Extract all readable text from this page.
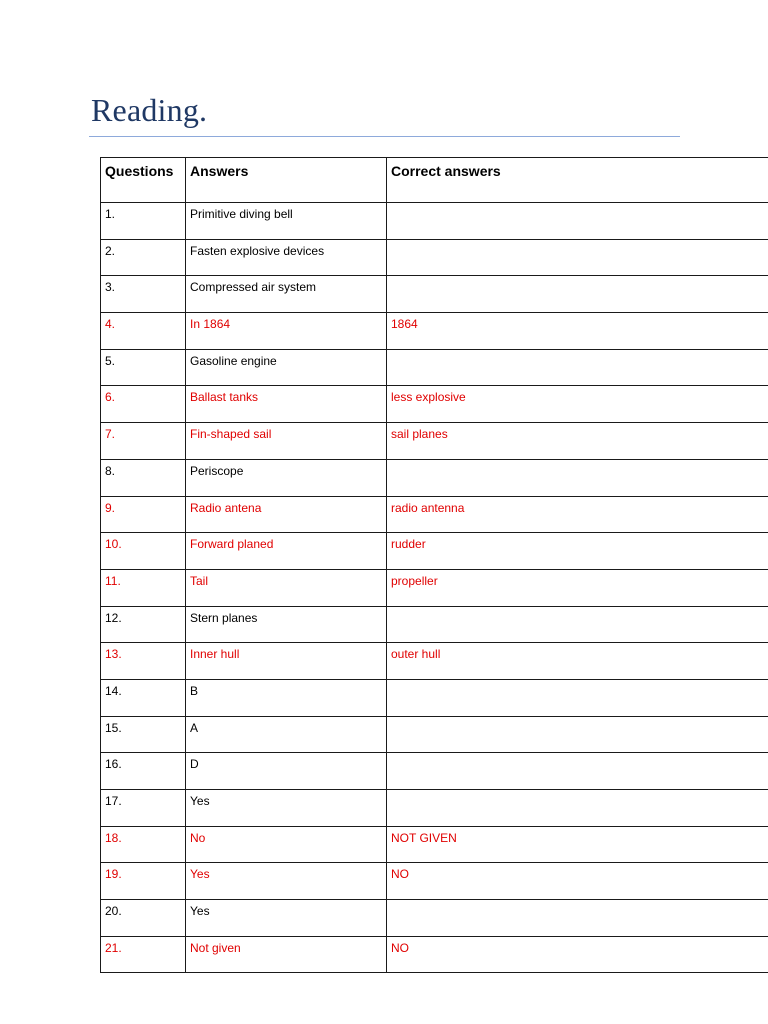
Reading.
Questions	Answers	Correct answers
1.	Primitive diving bell	
2.	Fasten explosive devices	
3.	Compressed air system	
4.	In 1864	1864
5.	Gasoline engine	
6.	Ballast tanks	less explosive
7.	Fin-shaped sail	sail planes
8.	Periscope	
9.	Radio antena	radio antenna
10.	Forward planed	rudder
11.	Tail	propeller
12.	Stern planes	
13.	Inner hull	outer hull
14.	B	
15.	A	
16.	D	
17.	Yes	
18.	No	NOT GIVEN
19.	Yes	NO
20.	Yes	
21.	Not given	NO
